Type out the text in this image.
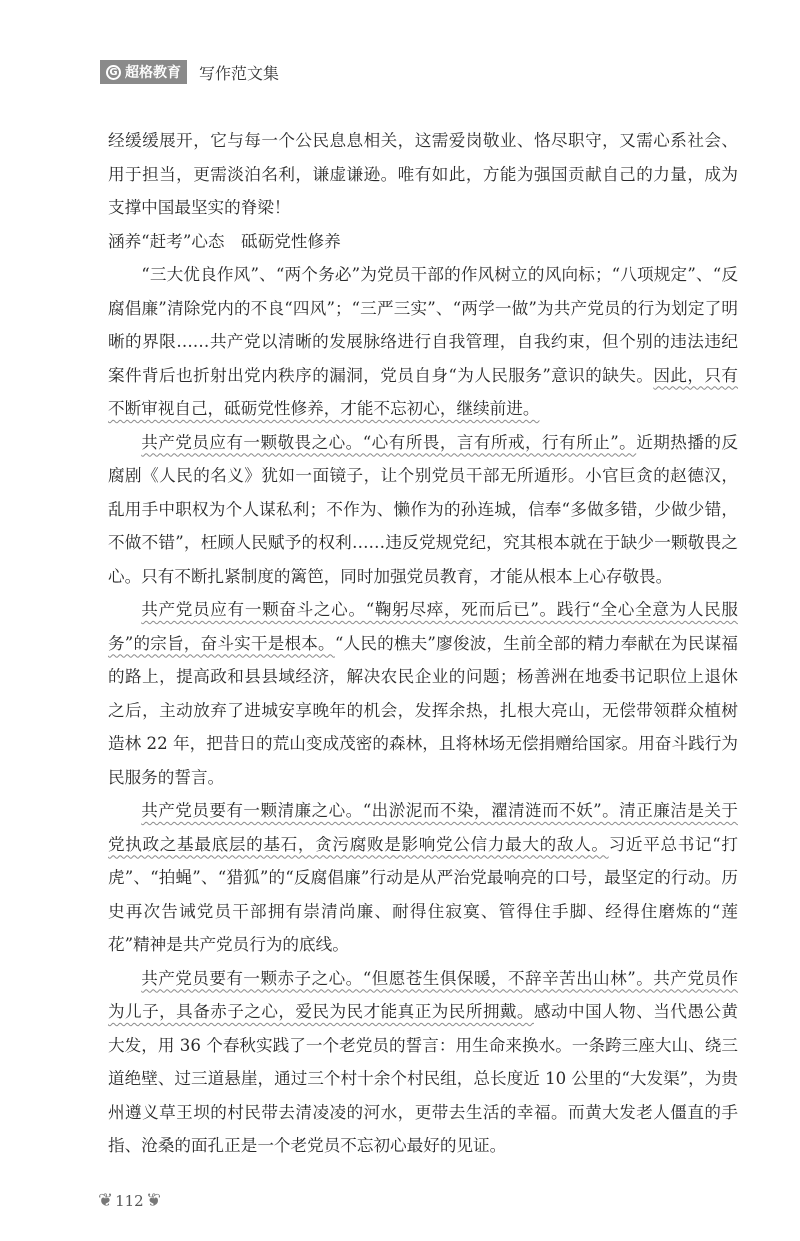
G 超格教育 写作范文集

经缓缓展开，它与每一个公民息息相关，这需爱岗敬业、恪尽职守，又需心系社会、用于担当，更需淡泊名利，谦虚谦逊。唯有如此，方能为强国贡献自己的力量，成为支撑中国最坚实的脊梁！

涵养“赶考”心态　砥砺党性修养

“三大优良作风”、“两个务必”为党员干部的作风树立的风向标；“八项规定”、“反腐倡廉”清除党内的不良“四风”；“三严三实”、“两学一做”为共产党员的行为划定了明晰的界限……共产党以清晰的发展脉络进行自我管理，自我约束，但个别的违法违纪案件背后也折射出党内秩序的漏洞，党员自身“为人民服务”意识的缺失。因此，只有不断审视自己，砥砺党性修养，才能不忘初心，继续前进。

共产党员应有一颗敬畏之心。“心有所畏，言有所戒，行有所止”。近期热播的反腐剧《人民的名义》犹如一面镜子，让个别党员干部无所遁形。小官巨贪的赵德汉，乱用手中职权为个人谋私利；不作为、懒作为的孙连城，信奉“多做多错，少做少错，不做不错”，枉顾人民赋予的权利……违反党规党纪，究其根本就在于缺少一颗敬畏之心。只有不断扎紧制度的篱笆，同时加强党员教育，才能从根本上心存敬畏。

共产党员应有一颗奋斗之心。“鞠躬尽瘁，死而后已”。践行“全心全意为人民服务”的宗旨，奋斗实干是根本。“人民的樵夫”廖俊波，生前全部的精力奉献在为民谋福的路上，提高政和县县域经济，解决农民企业的问题；杨善洲在地委书记职位上退休之后，主动放弃了进城安享晚年的机会，发挥余热，扎根大亮山，无偿带领群众植树造林 22 年，把昔日的荒山变成茂密的森林，且将林场无偿捐赠给国家。用奋斗践行为民服务的誓言。

共产党员要有一颗清廉之心。“出淤泥而不染，濯清涟而不妖”。清正廉洁是关于党执政之基最底层的基石，贪污腐败是影响党公信力最大的敌人。习近平总书记“打虎”、“拍蝇”、“猎狐”的“反腐倡廉”行动是从严治党最响亮的口号，最坚定的行动。历史再次告诫党员干部拥有崇清尚廉、耐得住寂寞、管得住手脚、经得住磨炼的“莲花”精神是共产党员行为的底线。

共产党员要有一颗赤子之心。“但愿苍生俱保暖，不辞辛苦出山林”。共产党员作为儿子，具备赤子之心，爱民为民才能真正为民所拥戴。感动中国人物、当代愚公黄大发，用 36 个春秋实践了一个老党员的誓言：用生命来换水。一条跨三座大山、绕三道绝壁、过三道悬崖，通过三个村十余个村民组，总长度近 10 公里的“大发渠”，为贵州遵义草王坝的村民带去清凌凌的河水，更带去生活的幸福。而黄大发老人僵直的手指、沧桑的面孔正是一个老党员不忘初心最好的见证。

❦ 112 ❦
